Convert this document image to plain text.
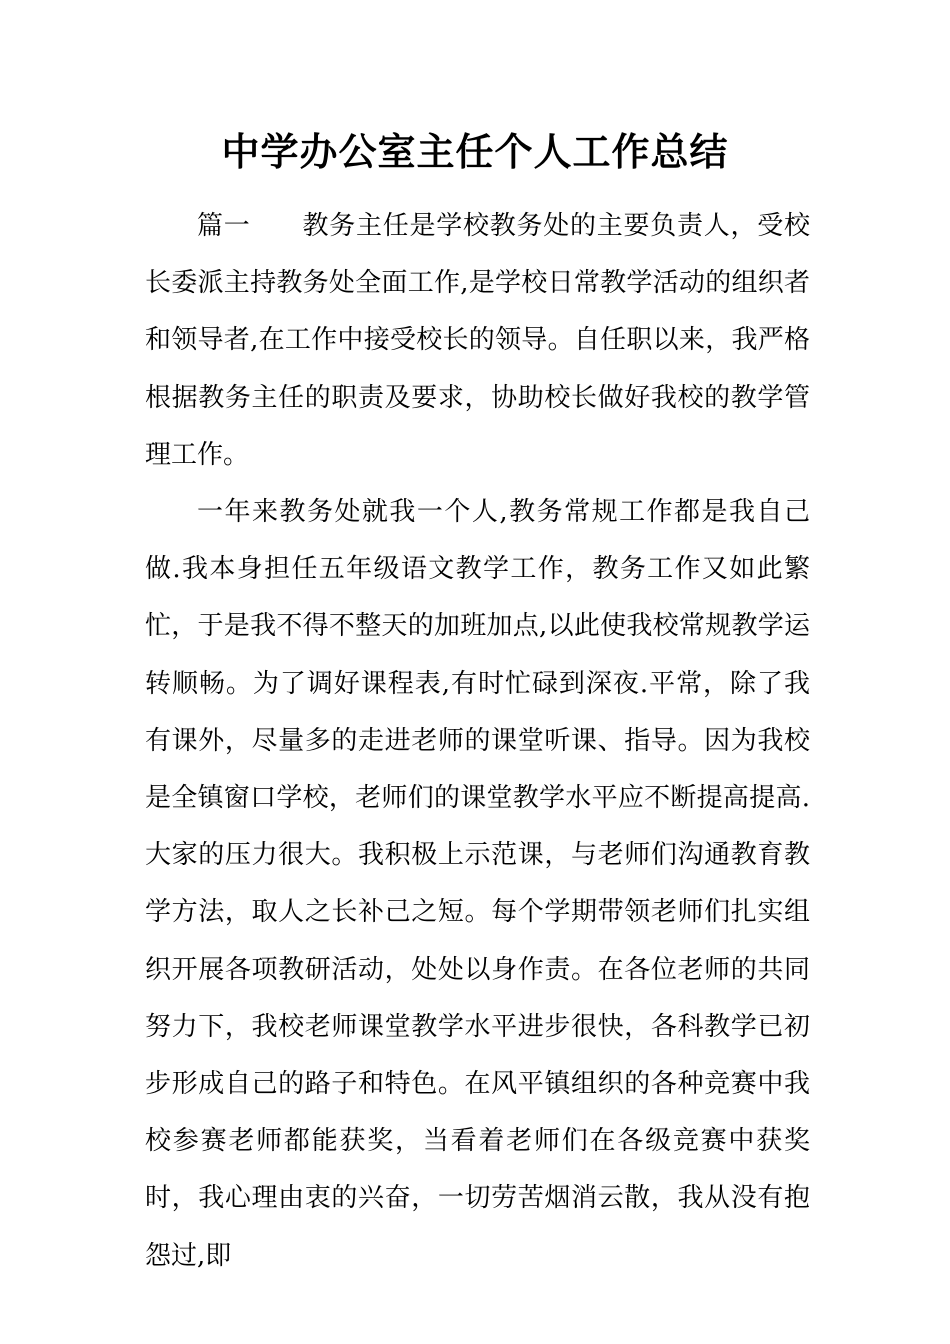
中学办公室主任个人工作总结

篇一 教务主任是学校教务处的主要负责人，受校长委派主持教务处全面工作,是学校日常教学活动的组织者和领导者,在工作中接受校长的领导。自任职以来，我严格根据教务主任的职责及要求，协助校长做好我校的教学管理工作。

一年来教务处就我一个人,教务常规工作都是我自己做.我本身担任五年级语文教学工作，教务工作又如此繁忙，于是我不得不整天的加班加点,以此使我校常规教学运转顺畅。为了调好课程表,有时忙碌到深夜.平常，除了我有课外，尽量多的走进老师的课堂听课、指导。因为我校是全镇窗口学校，老师们的课堂教学水平应不断提高提高.大家的压力很大。我积极上示范课，与老师们沟通教育教学方法，取人之长补己之短。每个学期带领老师们扎实组织开展各项教研活动，处处以身作责。在各位老师的共同努力下，我校老师课堂教学水平进步很快，各科教学已初步形成自己的路子和特色。在风平镇组织的各种竞赛中我校参赛老师都能获奖，当看着老师们在各级竞赛中获奖时，我心理由衷的兴奋，一切劳苦烟消云散，我从没有抱怨过,即
